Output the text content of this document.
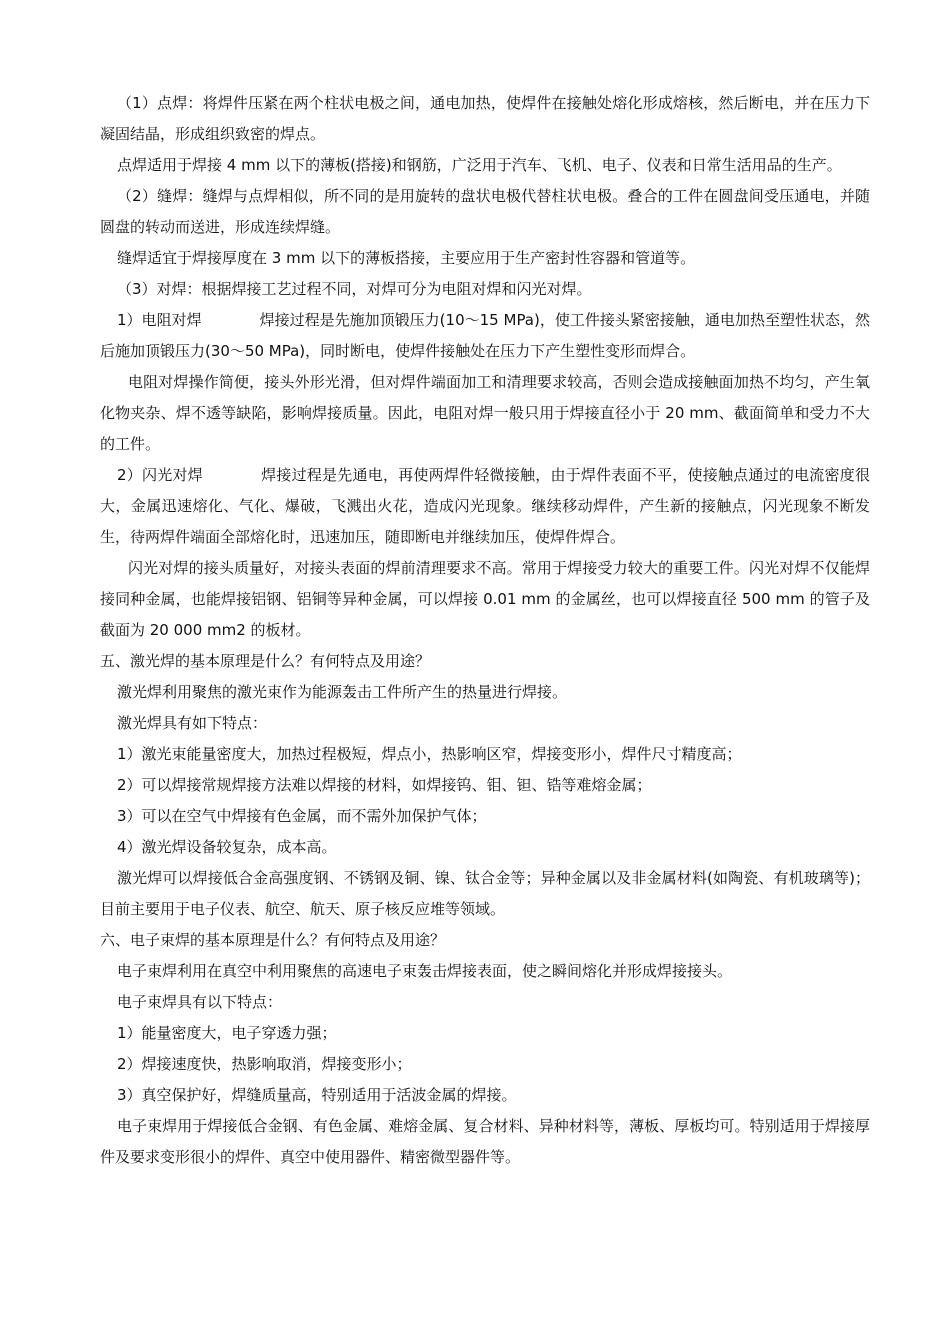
（1）点焊：将焊件压紧在两个柱状电极之间，通电加热，使焊件在接触处熔化形成熔核，然后断电，并在压力下凝固结晶，形成组织致密的焊点。

点焊适用于焊接 4 mm 以下的薄板(搭接)和钢筋，广泛用于汽车、飞机、电子、仪表和日常生活用品的生产。

（2）缝焊：缝焊与点焊相似，所不同的是用旋转的盘状电极代替柱状电极。叠合的工件在圆盘间受压通电，并随圆盘的转动而送进，形成连续焊缝。

缝焊适宜于焊接厚度在 3 mm 以下的薄板搭接，主要应用于生产密封性容器和管道等。

（3）对焊：根据焊接工艺过程不同，对焊可分为电阻对焊和闪光对焊。

1）电阻对焊	焊接过程是先施加顶锻压力(10～15 MPa)，使工件接头紧密接触，通电加热至塑性状态，然后施加顶锻压力(30～50 MPa)，同时断电，使焊件接触处在压力下产生塑性变形而焊合。

电阻对焊操作简便，接头外形光滑，但对焊件端面加工和清理要求较高，否则会造成接触面加热不均匀，产生氧化物夹杂、焊不透等缺陷，影响焊接质量。因此，电阻对焊一般只用于焊接直径小于 20 mm、截面简单和受力不大的工件。

2）闪光对焊	焊接过程是先通电，再使两焊件轻微接触，由于焊件表面不平，使接触点通过的电流密度很大，金属迅速熔化、气化、爆破，飞溅出火花，造成闪光现象。继续移动焊件，产生新的接触点，闪光现象不断发生，待两焊件端面全部熔化时，迅速加压，随即断电并继续加压，使焊件焊合。

闪光对焊的接头质量好，对接头表面的焊前清理要求不高。常用于焊接受力较大的重要工件。闪光对焊不仅能焊接同种金属，也能焊接铝钢、铝铜等异种金属，可以焊接 0.01 mm 的金属丝，也可以焊接直径 500 mm 的管子及截面为 20 000 mm2 的板材。

五、激光焊的基本原理是什么？有何特点及用途？

激光焊利用聚焦的激光束作为能源轰击工件所产生的热量进行焊接。

激光焊具有如下特点：

1）激光束能量密度大，加热过程极短，焊点小，热影响区窄，焊接变形小，焊件尺寸精度高；

2）可以焊接常规焊接方法难以焊接的材料，如焊接钨、钼、钽、锆等难熔金属；

3）可以在空气中焊接有色金属，而不需外加保护气体；

4）激光焊设备较复杂，成本高。

激光焊可以焊接低合金高强度钢、不锈钢及铜、镍、钛合金等；异种金属以及非金属材料(如陶瓷、有机玻璃等)；目前主要用于电子仪表、航空、航天、原子核反应堆等领域。

六、电子束焊的基本原理是什么？有何特点及用途？

电子束焊利用在真空中利用聚焦的高速电子束轰击焊接表面，使之瞬间熔化并形成焊接接头。

电子束焊具有以下特点：

1）能量密度大，电子穿透力强；

2）焊接速度快，热影响取消，焊接变形小；

3）真空保护好，焊缝质量高，特别适用于活波金属的焊接。

电子束焊用于焊接低合金钢、有色金属、难熔金属、复合材料、异种材料等，薄板、厚板均可。特别适用于焊接厚件及要求变形很小的焊件、真空中使用器件、精密微型器件等。
